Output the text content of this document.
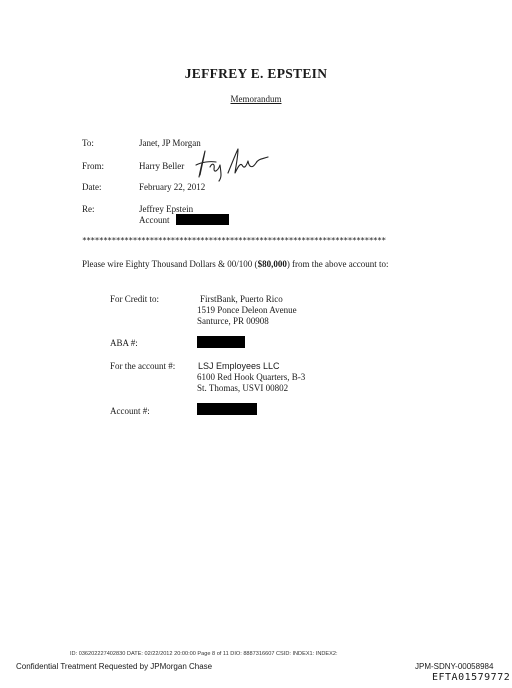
JEFFREY E. EPSTEIN
Memorandum
To:	Janet, JP Morgan
From:	Harry Beller
Date:	February 22, 2012
Re:	Jeffrey Epstein
Account
************************************************************************
Please wire Eighty Thousand Dollars & 00/100 ($80,000) from the above account to:
For Credit to:	FirstBank, Puerto Rico
1519 Ponce Deleon Avenue
Santurce, PR 00908
ABA #:
For the account #:	LSJ Employees LLC
6100 Red Hook Quarters, B-3
St. Thomas, USVI 00802
Account #:
ID: 036202227402830 DATE: 02/22/2012 20:00:00 Page 8 of 11 DIO: 8887316607 CSID: INDEX1: INDEX2:
Confidential Treatment Requested by JPMorgan Chase	JPM-SDNY-00058984
EFTA01579772
